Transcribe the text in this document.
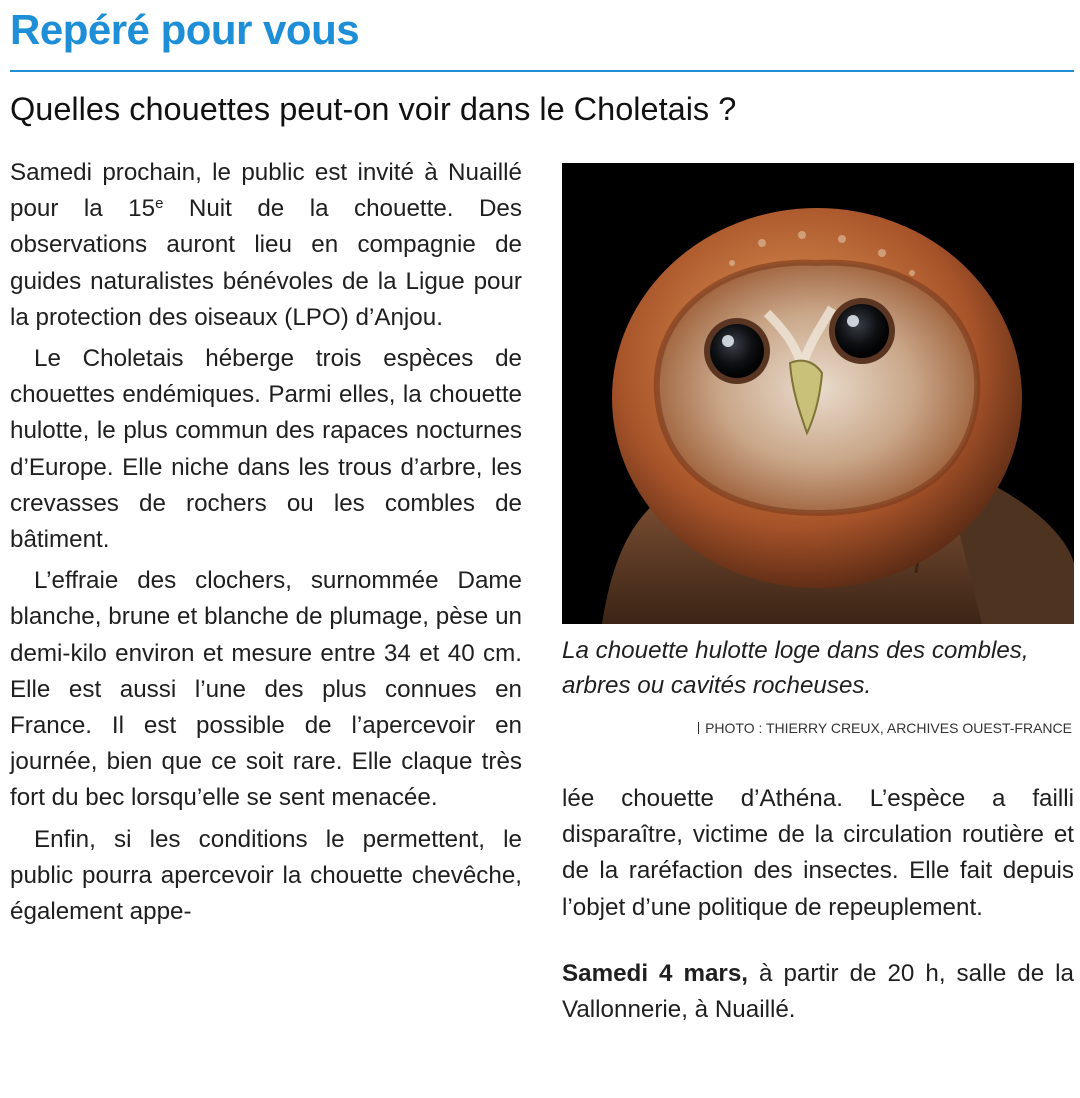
Repéré pour vous
Quelles chouettes peut-on voir dans le Choletais ?

Samedi prochain, le public est invité à Nuaillé pour la 15e Nuit de la chouette. Des observations auront lieu en compagnie de guides naturalistes bénévoles de la Ligue pour la protection des oiseaux (LPO) d’Anjou.

Le Choletais héberge trois espèces de chouettes endémiques. Parmi elles, la chouette hulotte, le plus commun des rapaces nocturnes d’Europe. Elle niche dans les trous d’arbre, les crevasses de rochers ou les combles de bâtiment.

L’effraie des clochers, surnommée Dame blanche, brune et blanche de plumage, pèse un demi-kilo environ et mesure entre 34 et 40 cm. Elle est aussi l’une des plus connues en France. Il est possible de l’apercevoir en journée, bien que ce soit rare. Elle claque très fort du bec lorsqu’elle se sent menacée.

Enfin, si les conditions le permettent, le public pourra apercevoir la chouette chevêche, également appe-

La chouette hulotte loge dans des combles, arbres ou cavités rocheuses.

PHOTO : THIERRY CREUX, ARCHIVES OUEST-FRANCE

lée chouette d’Athéna. L’espèce a failli disparaître, victime de la circulation routière et de la raréfaction des insectes. Elle fait depuis l’objet d’une politique de repeuplement.

Samedi 4 mars, à partir de 20 h, salle de la Vallonnerie, à Nuaillé.
